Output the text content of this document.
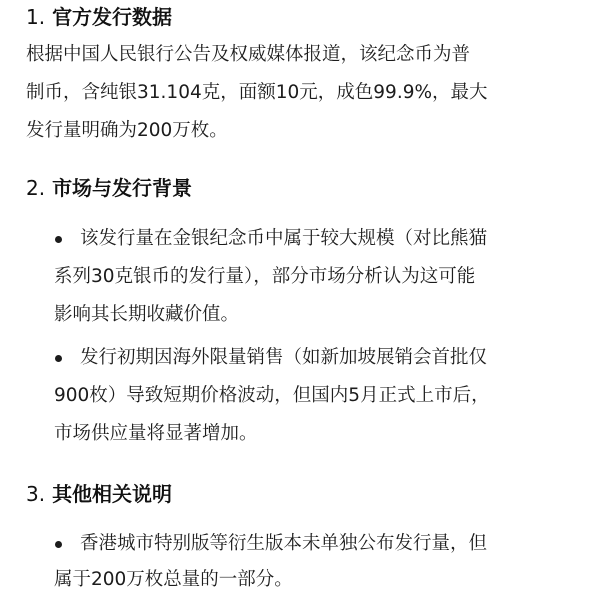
1. 官方发行数据
根据中国人民银行公告及权威媒体报道，该纪念币为普
制币，含纯银31.104克，面额10元，成色99.9%，最大
发行量明确为200万枚。
2. 市场与发行背景
该发行量在金银纪念币中属于较大规模（对比熊猫
系列30克银币的发行量），部分市场分析认为这可能
影响其长期收藏价值。
发行初期因海外限量销售（如新加坡展销会首批仅
900枚）导致短期价格波动，但国内5月正式上市后，
市场供应量将显著增加。
3. 其他相关说明
香港城市特别版等衍生版本未单独公布发行量，但
属于200万枚总量的一部分。
